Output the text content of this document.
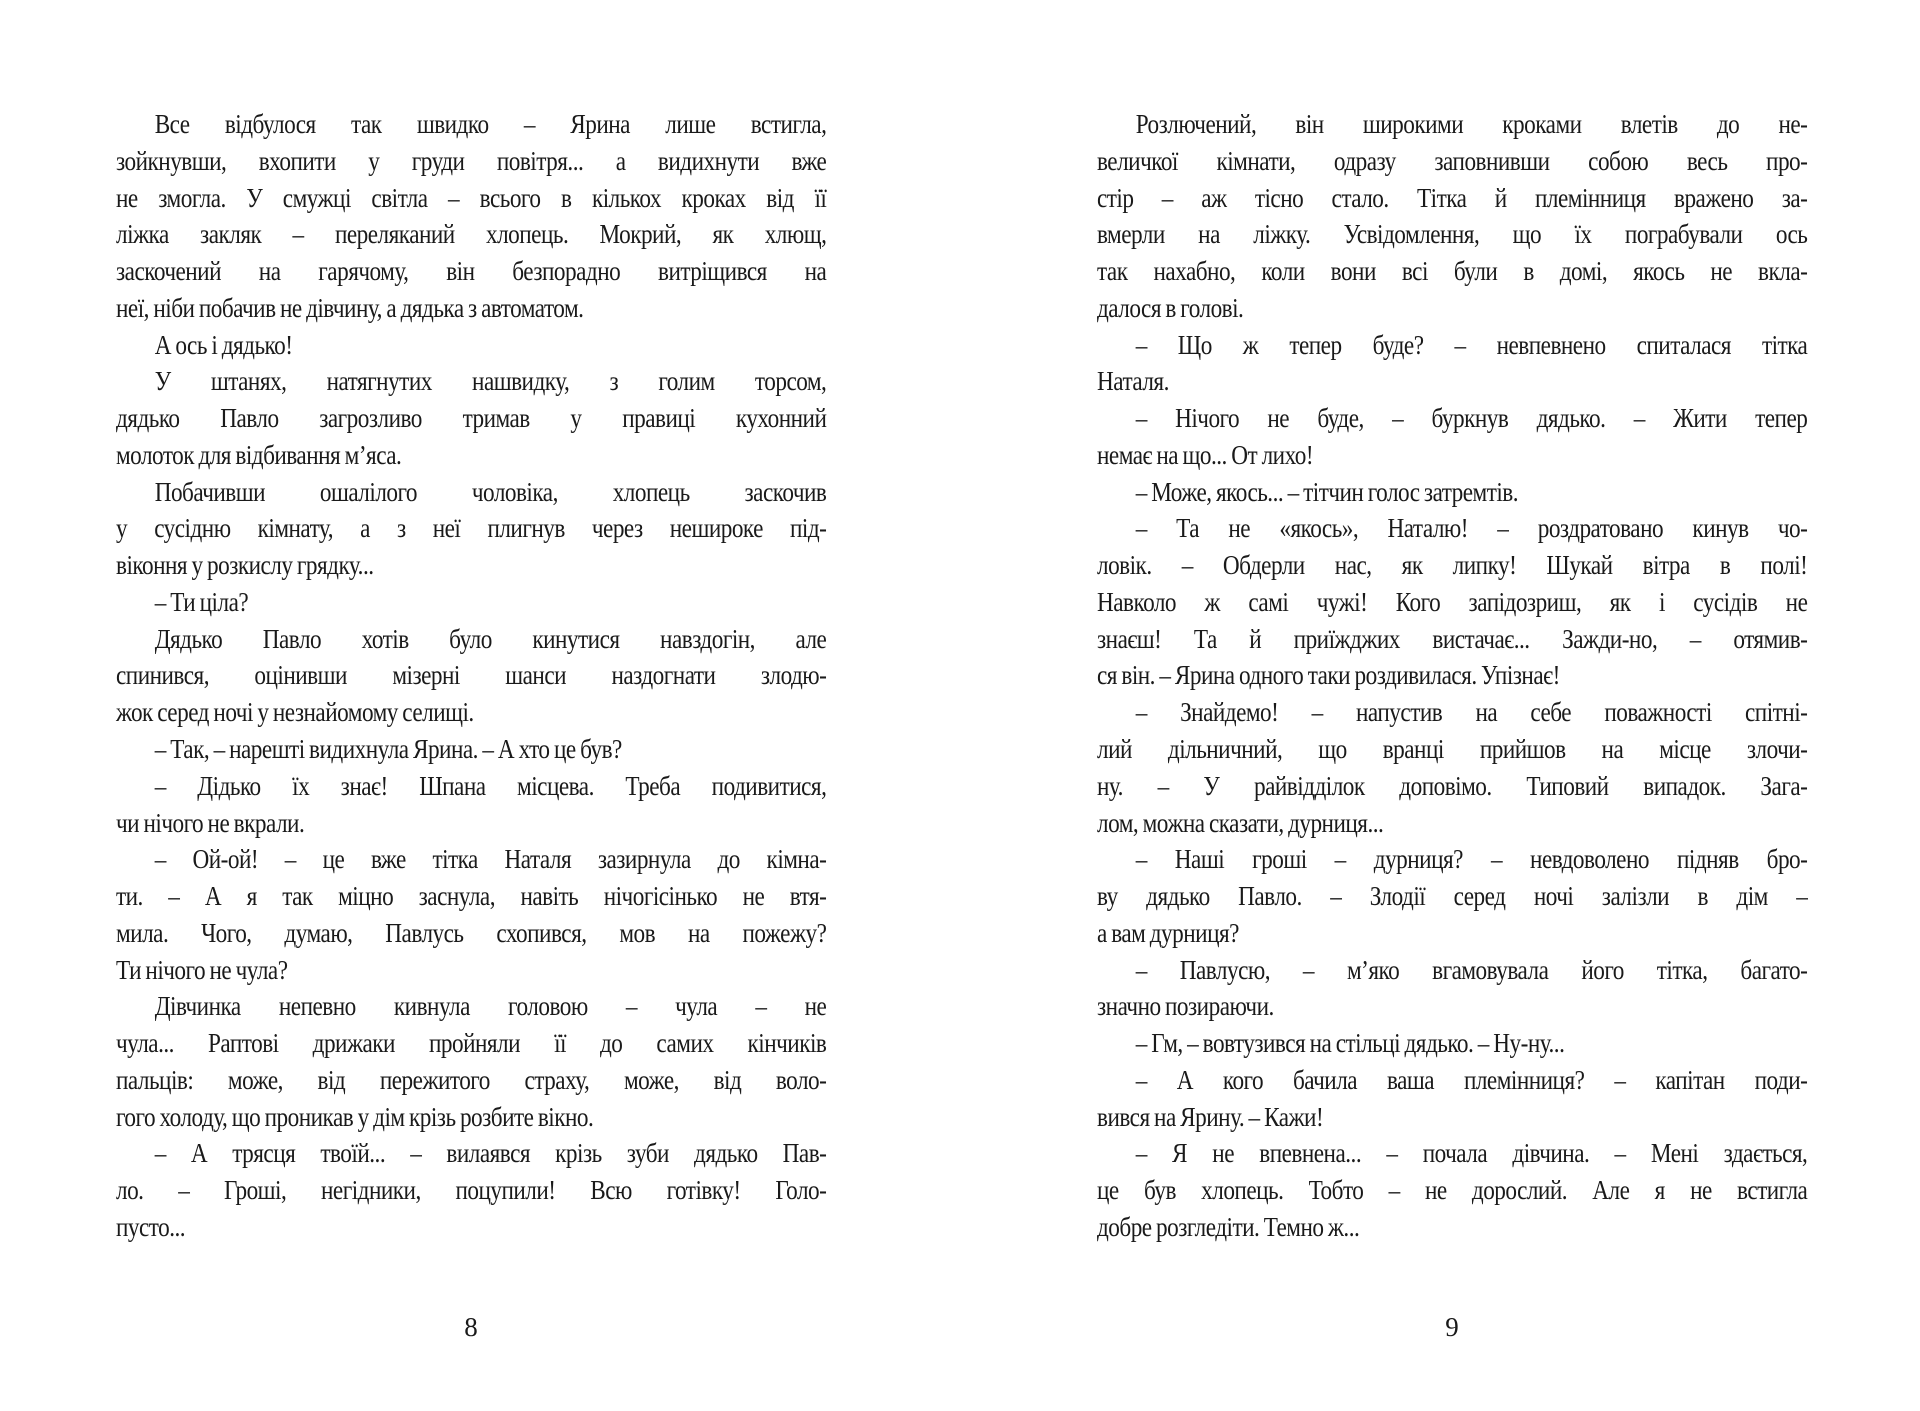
Все відбулося так швидко – Ярина лише встигла,
зойкнувши, вхопити у груди повітря... а видихнути вже
не змогла. У смужці світла – всього в кількох кроках від її
ліжка закляк – переляканий хлопець. Мокрий, як хлющ,
заскочений на гарячому, він безпорадно витріщився на
неї, ніби побачив не дівчину, а дядька з автоматом.
А ось і дядько!
У штанях, натягнутих нашвидку, з голим торсом,
дядько Павло загрозливо тримав у правиці кухонний
молоток для відбивання м’яса.
Побачивши ошалілого чоловіка, хлопець заскочив
у сусідню кімнату, а з неї плигнув через нешироке під-
віконня у розкислу грядку...
– Ти ціла?
Дядько Павло хотів було кинутися навздогін, але
спинився, оцінивши мізерні шанси наздогнати злодю-
жок серед ночі у незнайомому селищі.
– Так, – нарешті видихнула Ярина. – А хто це був?
– Дідько їх знає! Шпана місцева. Треба подивитися,
чи нічого не вкрали.
– Ой-ой! – це вже тітка Наталя зазирнула до кімна-
ти. – А я так міцно заснула, навіть нічогісінько не втя-
мила. Чого, думаю, Павлусь схопився, мов на пожежу?
Ти нічого не чула?
Дівчинка непевно кивнула головою – чула – не
чула... Раптові дрижаки пройняли її до самих кінчиків
пальців: може, від пережитого страху, може, від воло-
гого холоду, що проникав у дім крізь розбите вікно.
– А трясця твоїй... – вилаявся крізь зуби дядько Пав-
ло. – Гроші, негідники, поцупили! Всю готівку! Голо-
пусто...
8
Розлючений, він широкими кроками влетів до не-
величкої кімнати, одразу заповнивши собою весь про-
стір – аж тісно стало. Тітка й племінниця вражено за-
вмерли на ліжку. Усвідомлення, що їх пограбували ось
так нахабно, коли вони всі були в домі, якось не вкла-
далося в голові.
– Що ж тепер буде? – невпевнено спиталася тітка
Наталя.
– Нічого не буде, – буркнув дядько. – Жити тепер
немає на що... От лихо!
– Може, якось... – тітчин голос затремтів.
– Та не «якось», Наталю! – роздратовано кинув чо-
ловік. – Обдерли нас, як липку! Шукай вітра в полі!
Навколо ж самі чужі! Кого запідозриш, як і сусідів не
знаєш! Та й приїжджих вистачає... Зажди-но, – отямив-
ся він. – Ярина одного таки роздивилася. Упізнає!
– Знайдемо! – напустив на себе поважності спітні-
лий дільничний, що вранці прийшов на місце злочи-
ну. – У райвідділок доповімо. Типовий випадок. Зага-
лом, можна сказати, дурниця...
– Наші гроші – дурниця? – невдоволено підняв бро-
ву дядько Павло. – Злодії серед ночі залізли в дім –
а вам дурниця?
– Павлусю, – м’яко вгамовувала його тітка, багато-
значно позираючи.
– Гм, – вовтузився на стільці дядько. – Ну-ну...
– А кого бачила ваша племінниця? – капітан поди-
вився на Ярину. – Кажи!
– Я не впевнена... – почала дівчина. – Мені здається,
це був хлопець. Тобто – не дорослий. Але я не встигла
добре розгледіти. Темно ж...
9
